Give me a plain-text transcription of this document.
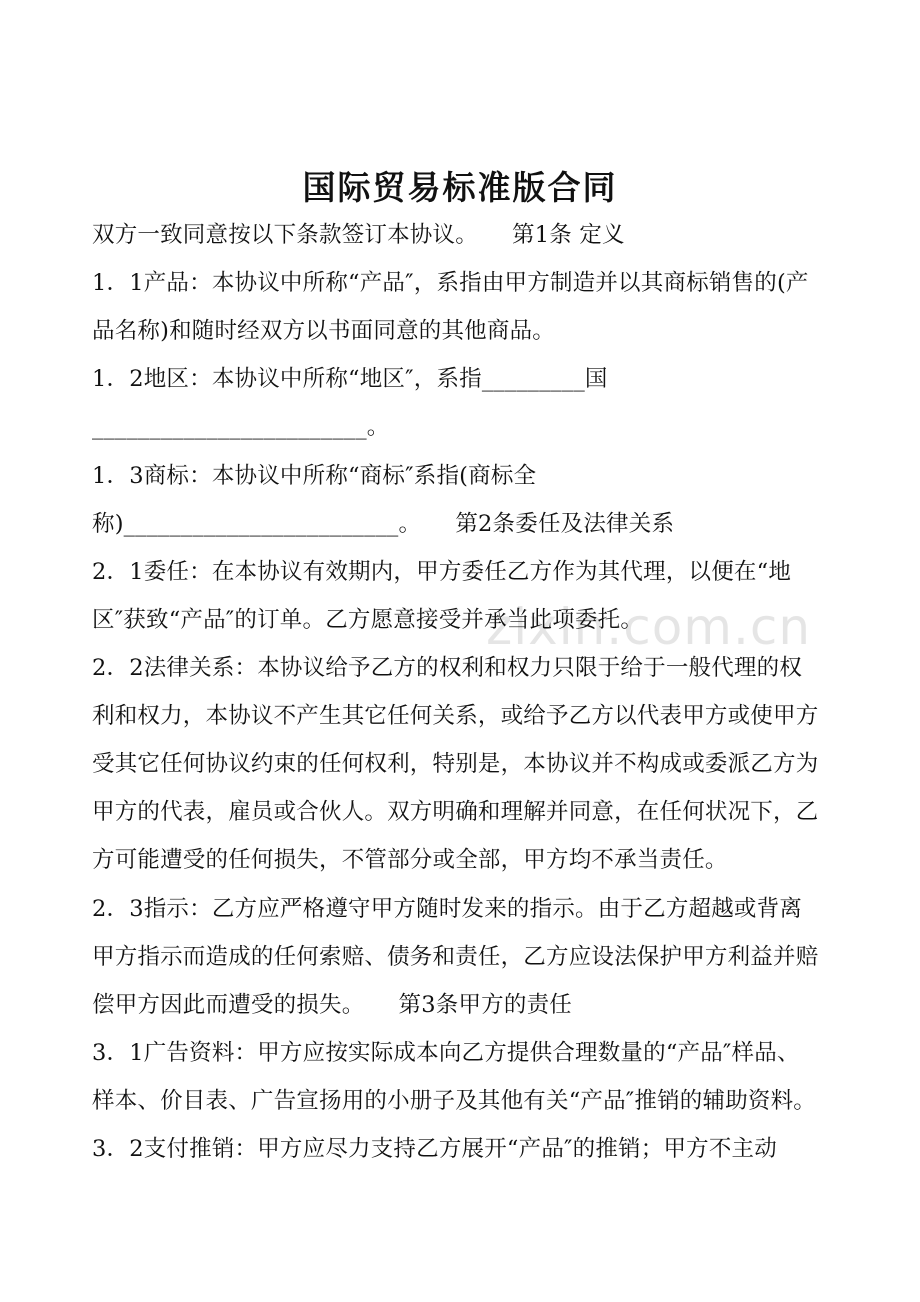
国际贸易标准版合同
双方一致同意按以下条款签订本协议。　　第1条 定义
1．1产品：本协议中所称“产品″，系指由甲方制造并以其商标销售的(产
品名称)和随时经双方以书面同意的其他商品。
1．2地区：本协议中所称“地区″，系指_________国
________________________。
1．3商标：本协议中所称“商标″系指(商标全
称)________________________。　　第2条委任及法律关系
2．1委任：在本协议有效期内，甲方委任乙方作为其代理，以便在“地
区″获致“产品″的订单。乙方愿意接受并承当此项委托。
2．2法律关系：本协议给予乙方的权利和权力只限于给于一般代理的权
利和权力，本协议不产生其它任何关系，或给予乙方以代表甲方或使甲方
受其它任何协议约束的任何权利，特别是，本协议并不构成或委派乙方为
甲方的代表，雇员或合伙人。双方明确和理解并同意，在任何状况下，乙
方可能遭受的任何损失，不管部分或全部，甲方均不承当责任。
2．3指示：乙方应严格遵守甲方随时发来的指示。由于乙方超越或背离
甲方指示而造成的任何索赔、债务和责任，乙方应设法保护甲方利益并赔
偿甲方因此而遭受的损失。　　第3条甲方的责任
3．1广告资料：甲方应按实际成本向乙方提供合理数量的“产品″样品、
样本、价目表、广告宣扬用的小册子及其他有关“产品″推销的辅助资料。
3．2支付推销：甲方应尽力支持乙方展开“产品″的推销；甲方不主动
zixin.com.cn
